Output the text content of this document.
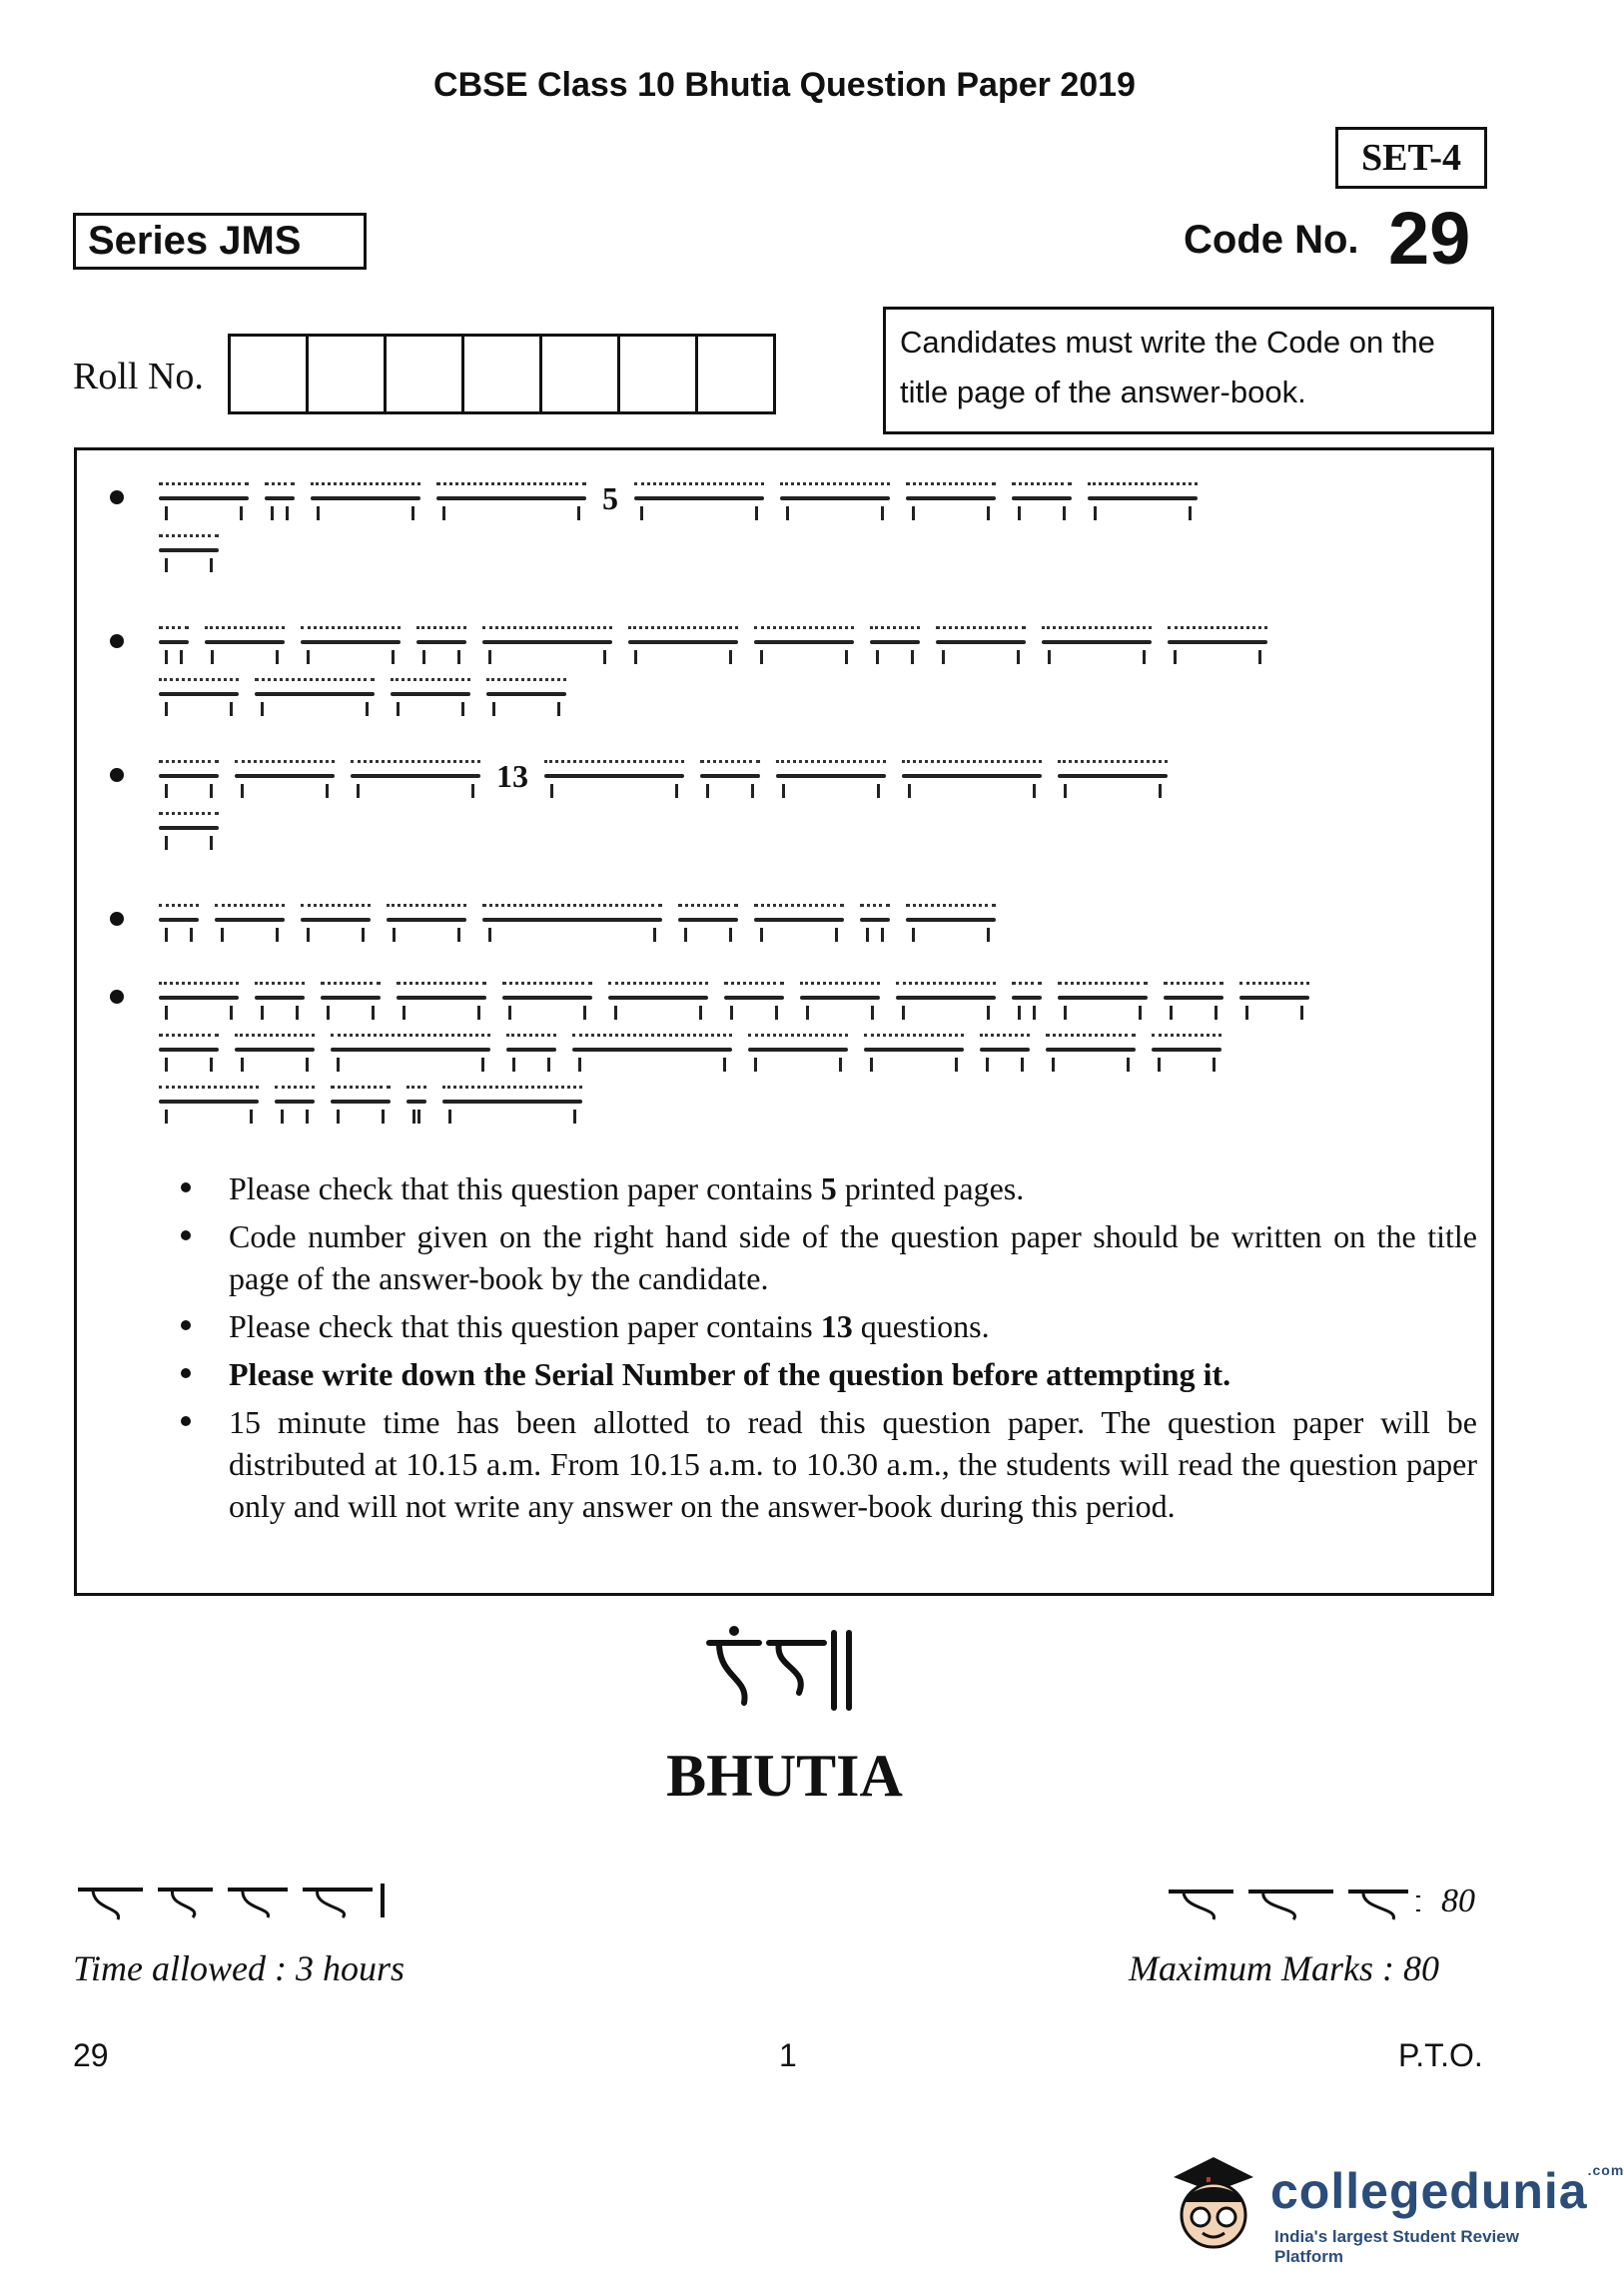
CBSE Class 10 Bhutia Question Paper 2019
SET-4
Series JMS	Code No. 29
Roll No.
Candidates must write the Code on the title page of the answer-book.
5
13
Please check that this question paper contains 5 printed pages.
Code number given on the right hand side of the question paper should be written on the title page of the answer-book by the candidate.
Please check that this question paper contains 13 questions.
Please write down the Serial Number of the question before attempting it.
15 minute time has been allotted to read this question paper. The question paper will be distributed at 10.15 a.m. From 10.15 a.m. to 10.30 a.m., the students will read the question paper only and will not write any answer on the answer-book during this period.
BHUTIA
80
Time allowed : 3 hours	Maximum Marks : 80
29	1	P.T.O.
collegedunia$^{.com}$
India's largest Student Review Platform
